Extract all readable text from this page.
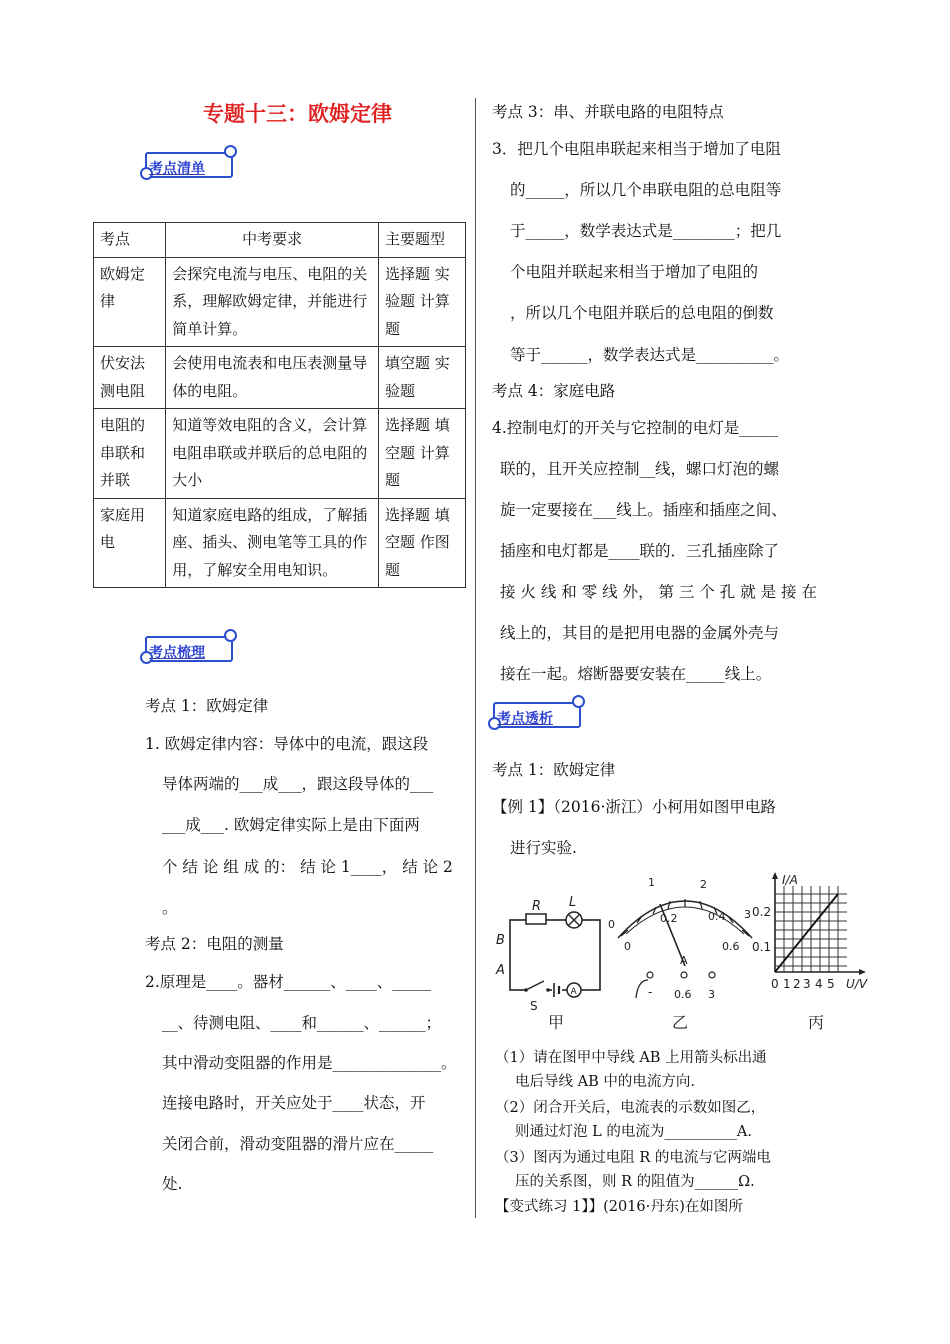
专题十三：欧姆定律
考点清单
考点	中考要求	主要题型
欧姆定律	会探究电流与电压、电阻的关系，理解欧姆定律，并能进行简单计算。	选择题 实验题 计算题
伏安法测电阻	会使用电流表和电压表测量导体的电阻。	填空题 实验题
电阻的串联和并联	知道等效电阻的含义，会计算电阻串联或并联后的总电阻的大小	选择题 填空题 计算题
家庭用电	知道家庭电路的组成，了解插座、插头、测电笔等工具的作用，了解安全用电知识。	选择题 填空题 作图题
考点梳理
考点 1：欧姆定律
1. 欧姆定律内容：导体中的电流，跟这段
导体两端的___成___，跟这段导体的___
___成___. 欧姆定律实际上是由下面两
个 结 论 组 成 的： 结 论 1____， 结 论 2
。
考点 2：电阻的测量
2.原理是____。器材______、____、_____
__、待测电阻、____和______、______；
其中滑动变阻器的作用是______________。
连接电路时，开关应处于____状态，开
关闭合前，滑动变阻器的滑片应在_____
处.
考点 3：串、并联电路的电阻特点
3．把几个电阻串联起来相当于增加了电阻
的_____，所以几个串联电阻的总电阻等
于_____，数学表达式是________；把几
个电阻并联起来相当于增加了电阻的
，所以几个电阻并联后的总电阻的倒数
等于______，数学表达式是__________。
考点 4：家庭电路
4.控制电灯的开关与它控制的电灯是_____
联的，且开关应控制__线，螺口灯泡的螺
旋一定要接在___线上。插座和插座之间、
插座和电灯都是____联的．三孔插座除了
接 火 线 和 零 线 外， 第 三 个 孔 就 是 接 在
线上的，其目的是把用电器的金属外壳与
接在一起。熔断器要安装在_____线上。
考点透析
考点 1：欧姆定律
【例 1】（2016·浙江）小柯用如图甲电路
进行实验.
A
R L
B
A
S
甲
0
1	2
3
0
0.2	0.4
0.6
A
- 0.6 3
乙
I/A
U/V
0.2
0.1
0 1 2 3 4 5
丙
（1）请在图甲中导线 AB 上用箭头标出通
电后导线 AB 中的电流方向.
（2）闭合开关后，电流表的示数如图乙，
则通过灯泡 L 的电流为__________A.
（3）图丙为通过电阻 R 的电流与它两端电
压的关系图，则 R 的阻值为______Ω.
【变式练习 1】】(2016·丹东)在如图所
